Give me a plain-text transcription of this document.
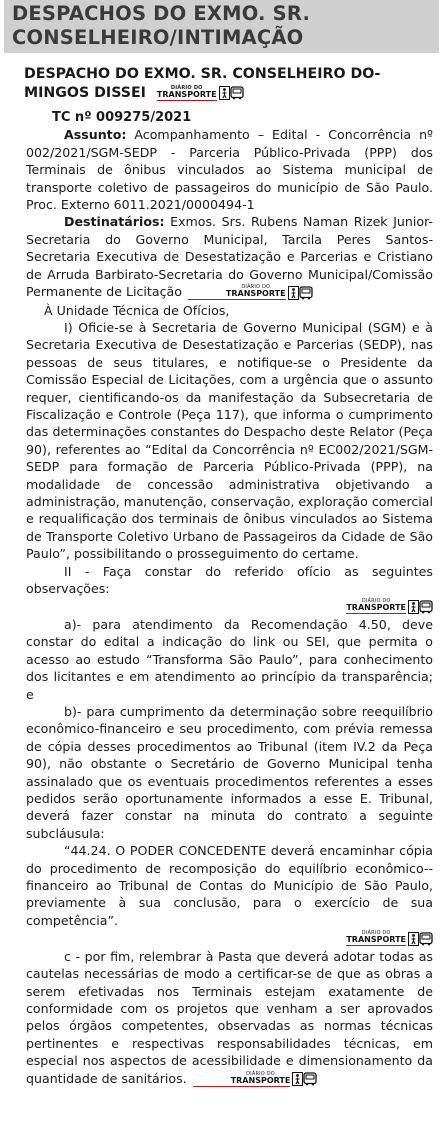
DESPACHOS DO EXMO. SR.
CONSELHEIRO/INTIMAÇÃO
DESPACHO DO EXMO. SR. CONSELHEIRO DO-
MINGOS DISSEI	DIÁRIO DO
TRANSPORTE
TC nº 009275/2021

Assunto: Acompanhamento – Edital - Concorrência nº 002/2021/SGM-SEDP - Parceria Público-Privada (PPP) dos Terminais de ônibus vinculados ao Sistema municipal de transporte coletivo de passageiros do município de São Paulo. Proc. Externo 6011.2021/0000494-1

Destinatários: Exmos. Srs. Rubens Naman Rizek Junior-Secretaria do Governo Municipal, Tarcila Peres Santos-Secretaria Executiva de Desestatização e Parcerias e Cristiano de Arruda Barbirato-Secretaria do Governo Municipal/Comissão Permanente de Licitação	DIÁRIO DO
TRANSPORTE

À Unidade Técnica de Ofícios,

I) Oficie-se à Secretaria de Governo Municipal (SGM) e à Secretaria Executiva de Desestatização e Parcerias (SEDP), nas pessoas de seus titulares, e notifique-se o Presidente da Comissão Especial de Licitações, com a urgência que o assunto requer, cientificando-os da manifestação da Subsecretaria de Fiscalização e Controle (Peça 117), que informa o cumprimento das determinações constantes do Despacho deste Relator (Peça 90), referentes ao “Edital da Concorrência nº EC002/2021/SGM-SEDP para formação de Parceria Público-Privada (PPP), na modalidade de concessão administrativa objetivando a administração, manutenção, conservação, exploração comercial e requalificação dos terminais de ônibus vinculados ao Sistema de Transporte Coletivo Urbano de Passageiros da Cidade de São Paulo”, possibilitando o prosseguimento do certame.

II - Faça constar do referido ofício as seguintes observações:

DIÁRIO DO
TRANSPORTE

a)- para atendimento da Recomendação 4.50, deve constar do edital a indicação do link ou SEI, que permita o acesso ao estudo “Transforma São Paulo”, para conhecimento dos licitantes e em atendimento ao princípio da transparência; e

b)- para cumprimento da determinação sobre reequilíbrio econômico-financeiro e seu procedimento, com prévia remessa de cópia desses procedimentos ao Tribunal (item IV.2 da Peça 90), não obstante o Secretário de Governo Municipal tenha assinalado que os eventuais procedimentos referentes a esses pedidos serão oportunamente informados a esse E. Tribunal, deverá fazer constar na minuta do contrato a seguinte subcláusula:

“44.24. O PODER CONCEDENTE deverá encaminhar cópia do procedimento de recomposição do equilíbrio econômico--financeiro ao Tribunal de Contas do Município de São Paulo, previamente à sua conclusão, para o exercício de sua competência”.

DIÁRIO DO
TRANSPORTE

c - por fim, relembrar à Pasta que deverá adotar todas as cautelas necessárias de modo a certificar-se de que as obras a serem efetivadas nos Terminais estejam exatamente de conformidade com os projetos que venham a ser aprovados pelos órgãos competentes, observadas as normas técnicas pertinentes e respectivas responsabilidades técnicas, em especial nos aspectos de acessibilidade e dimensionamento da quantidade de sanitários.	DIÁRIO DO
TRANSPORTE
